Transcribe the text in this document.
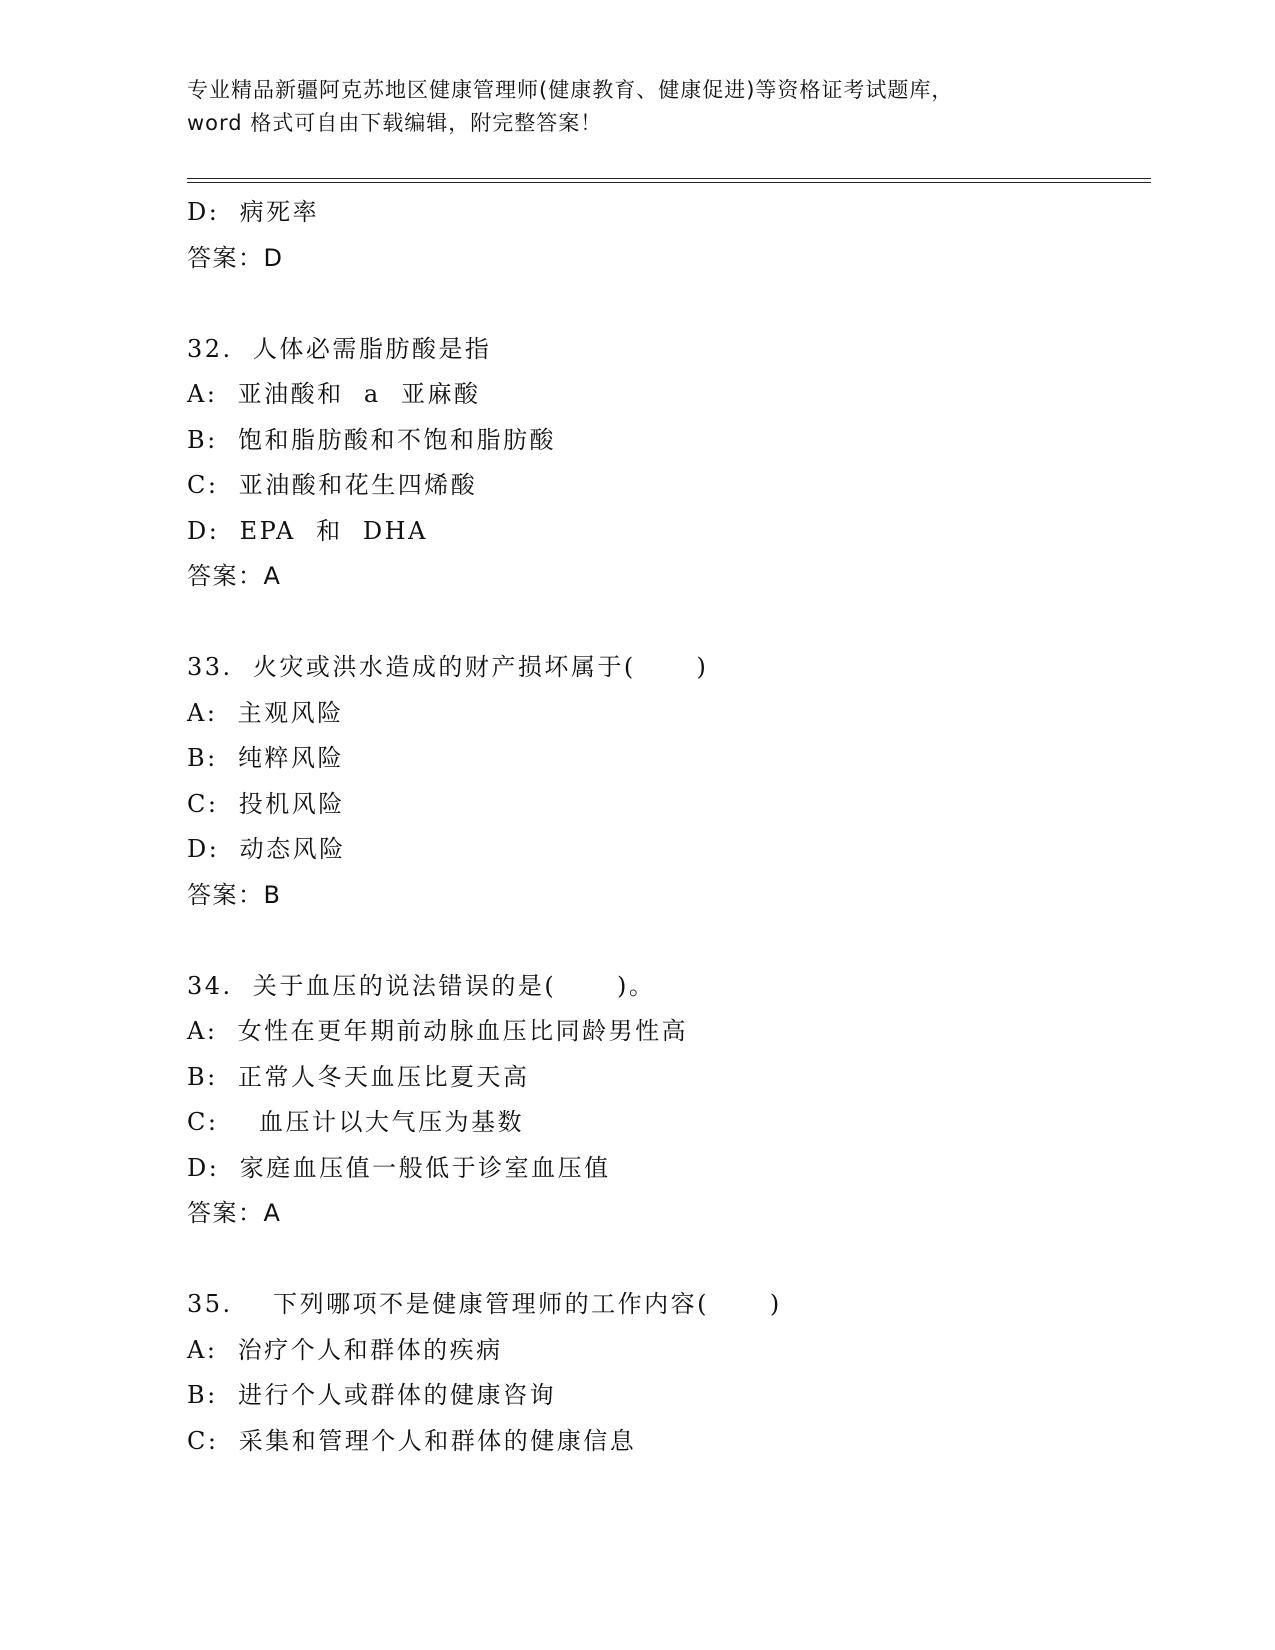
专业精品新疆阿克苏地区健康管理师(健康教育、健康促进)等资格证考试题库，
word 格式可自由下载编辑，附完整答案！
D:  病死率
答案：D
32.  人体必需脂肪酸是指
A:  亚油酸和  a  亚麻酸
B:  饱和脂肪酸和不饱和脂肪酸
C:  亚油酸和花生四烯酸
D:  EPA  和  DHA
答案：A
33.  火灾或洪水造成的财产损坏属于(      )
A:  主观风险
B:  纯粹风险
C:  投机风险
D:  动态风险
答案：B
34.  关于血压的说法错误的是(      )。
A:  女性在更年期前动脉血压比同龄男性高
B:  正常人冬天血压比夏天高
C:    血压计以大气压为基数
D:  家庭血压值一般低于诊室血压值
答案：A
35.    下列哪项不是健康管理师的工作内容(      )
A:  治疗个人和群体的疾病
B:  进行个人或群体的健康咨询
C:  采集和管理个人和群体的健康信息
